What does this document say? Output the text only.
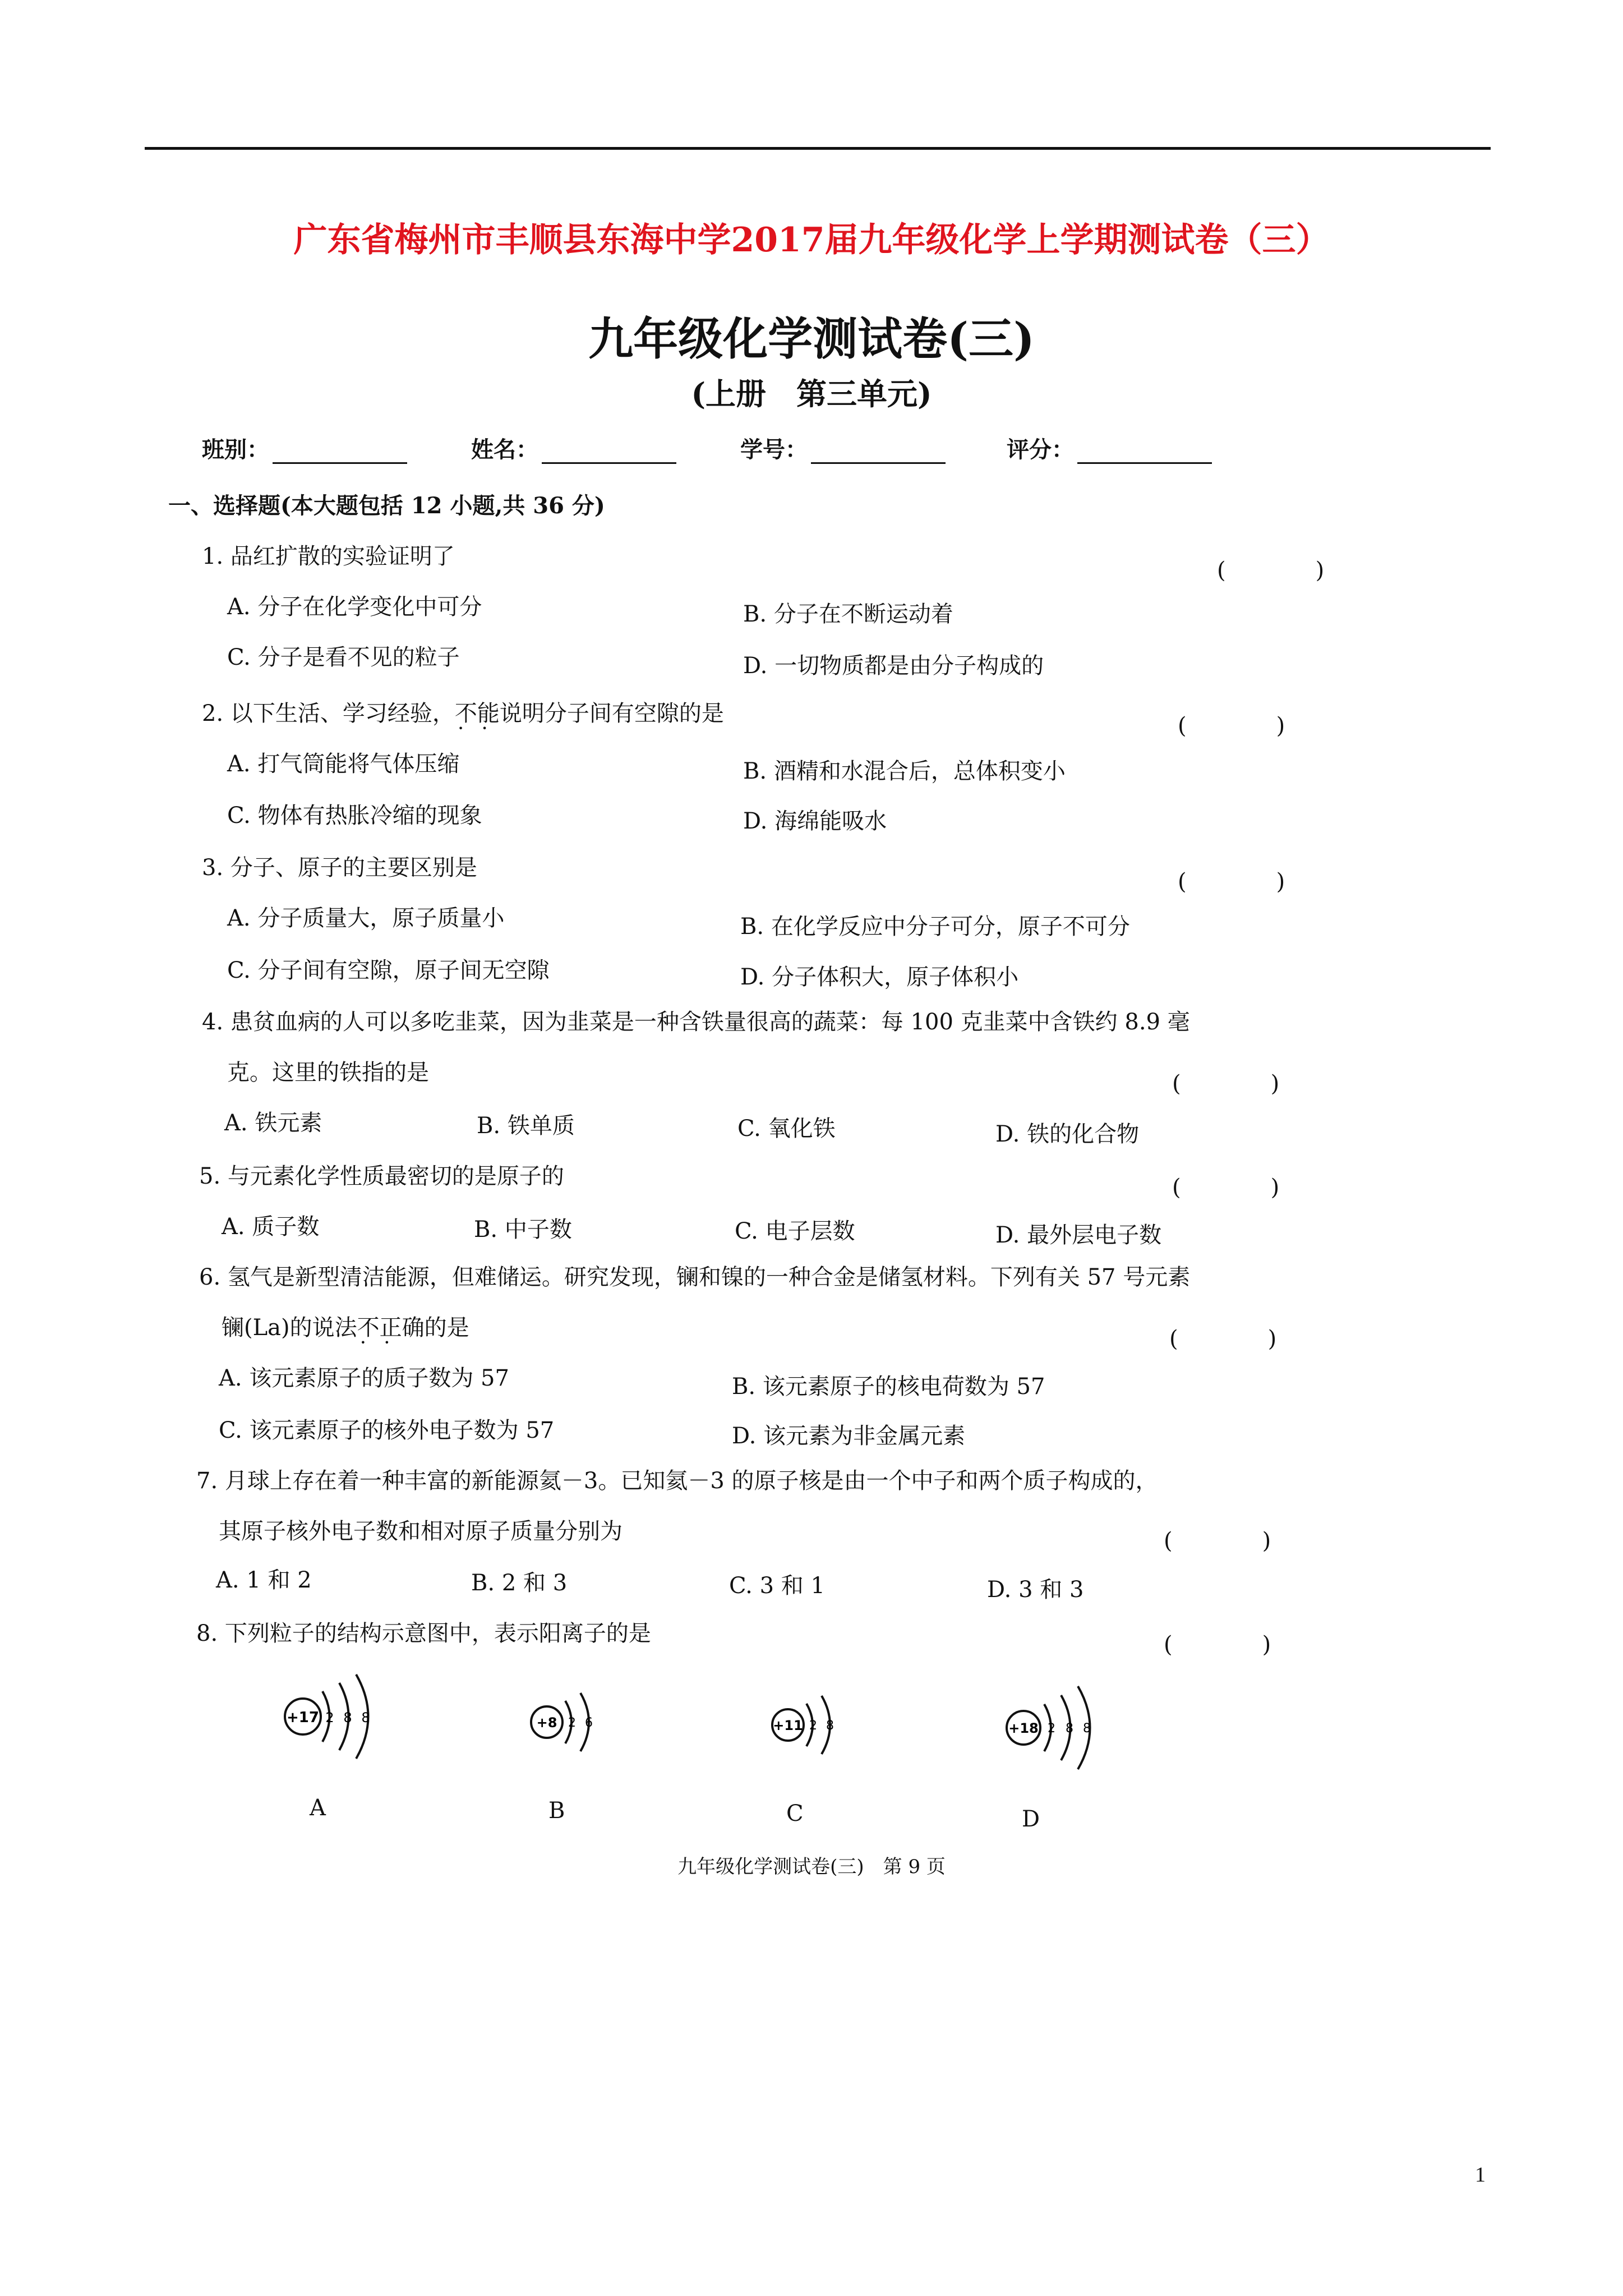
广东省梅州市丰顺县东海中学2017届九年级化学上学期测试卷（三）
九年级化学测试卷(三)
(上册　第三单元)
班别：	姓名：	学号：	评分：
一、选择题(本大题包括 12 小题,共 36 分)
1. 品红扩散的实验证明了
(　)
A. 分子在化学变化中可分	B. 分子在不断运动着
C. 分子是看不见的粒子	D. 一切物质都是由分子构成的
2. 以下生活、学习经验，不能 • •说明分子间有空隙的是	(　)
A. 打气筒能将气体压缩	B. 酒精和水混合后，总体积变小
C. 物体有热胀冷缩的现象	D. 海绵能吸水
3. 分子、原子的主要区别是
(　)
A. 分子质量大，原子质量小	B. 在化学反应中分子可分，原子不可分
C. 分子间有空隙，原子间无空隙	D. 分子体积大，原子体积小
4. 患贫血病的人可以多吃韭菜，因为韭菜是一种含铁量很高的蔬菜：每 100 克韭菜中含铁约 8.9 毫
克。这里的铁指的是	(　)
A. 铁元素	B. 铁单质	C. 氧化铁	D. 铁的化合物
5. 与元素化学性质最密切的是原子的	(　)
A. 质子数	B. 中子数	C. 电子层数	D. 最外层电子数
6. 氢气是新型清洁能源，但难储运。研究发现，镧和镍的一种合金是储氢材料。下列有关 57 号元素
镧(La)的说法不正确 • •的是	(　)
A. 该元素原子的质子数为 57	B. 该元素原子的核电荷数为 57
C. 该元素原子的核外电子数为 57	D. 该元素为非金属元素
7. 月球上存在着一种丰富的新能源氦－3。已知氦－3 的原子核是由一个中子和两个质子构成的，
其原子核外电子数和相对原子质量分别为	(　)
A. 1 和 2	B. 2 和 3	C. 3 和 1	D. 3 和 3
8. 下列粒子的结构示意图中，表示阳离子的是	(　)
+17 2 8 8	+8 2 6	+11 2 8	+18 2 8 8
A	B	C	D
九年级化学测试卷(三)　第 9 页
1
